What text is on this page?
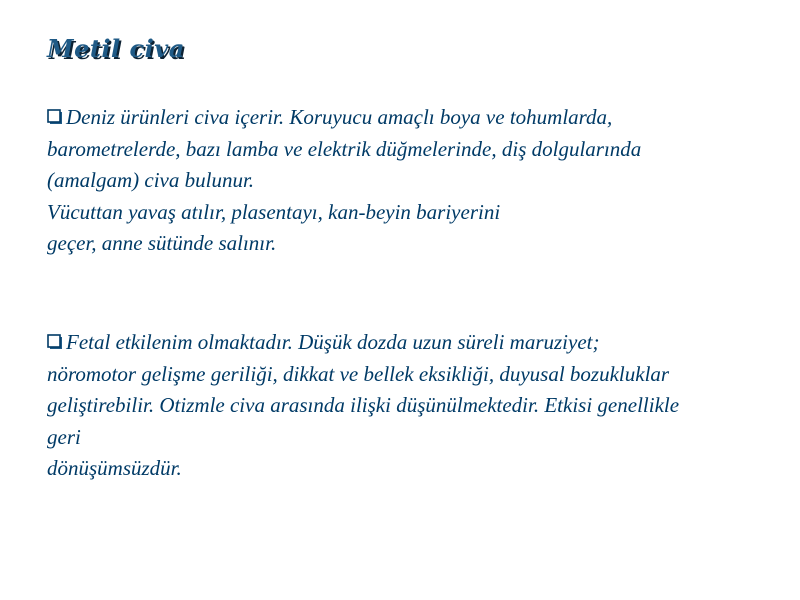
Metil civa
Deniz ürünleri civa içerir. Koruyucu amaçlı boya ve tohumlarda,
barometrelerde, bazı lamba ve elektrik düğmelerinde, diş dolgularında
(amalgam) civa bulunur.
Vücuttan yavaş atılır, plasentayı, kan-beyin bariyerini
geçer, anne sütünde salınır.
Fetal etkilenim olmaktadır. Düşük dozda uzun süreli maruziyet;
nöromotor gelişme geriliği, dikkat ve bellek eksikliği, duyusal bozukluklar
geliştirebilir. Otizmle civa arasında ilişki düşünülmektedir. Etkisi genellikle
geri
dönüşümsüzdür.
